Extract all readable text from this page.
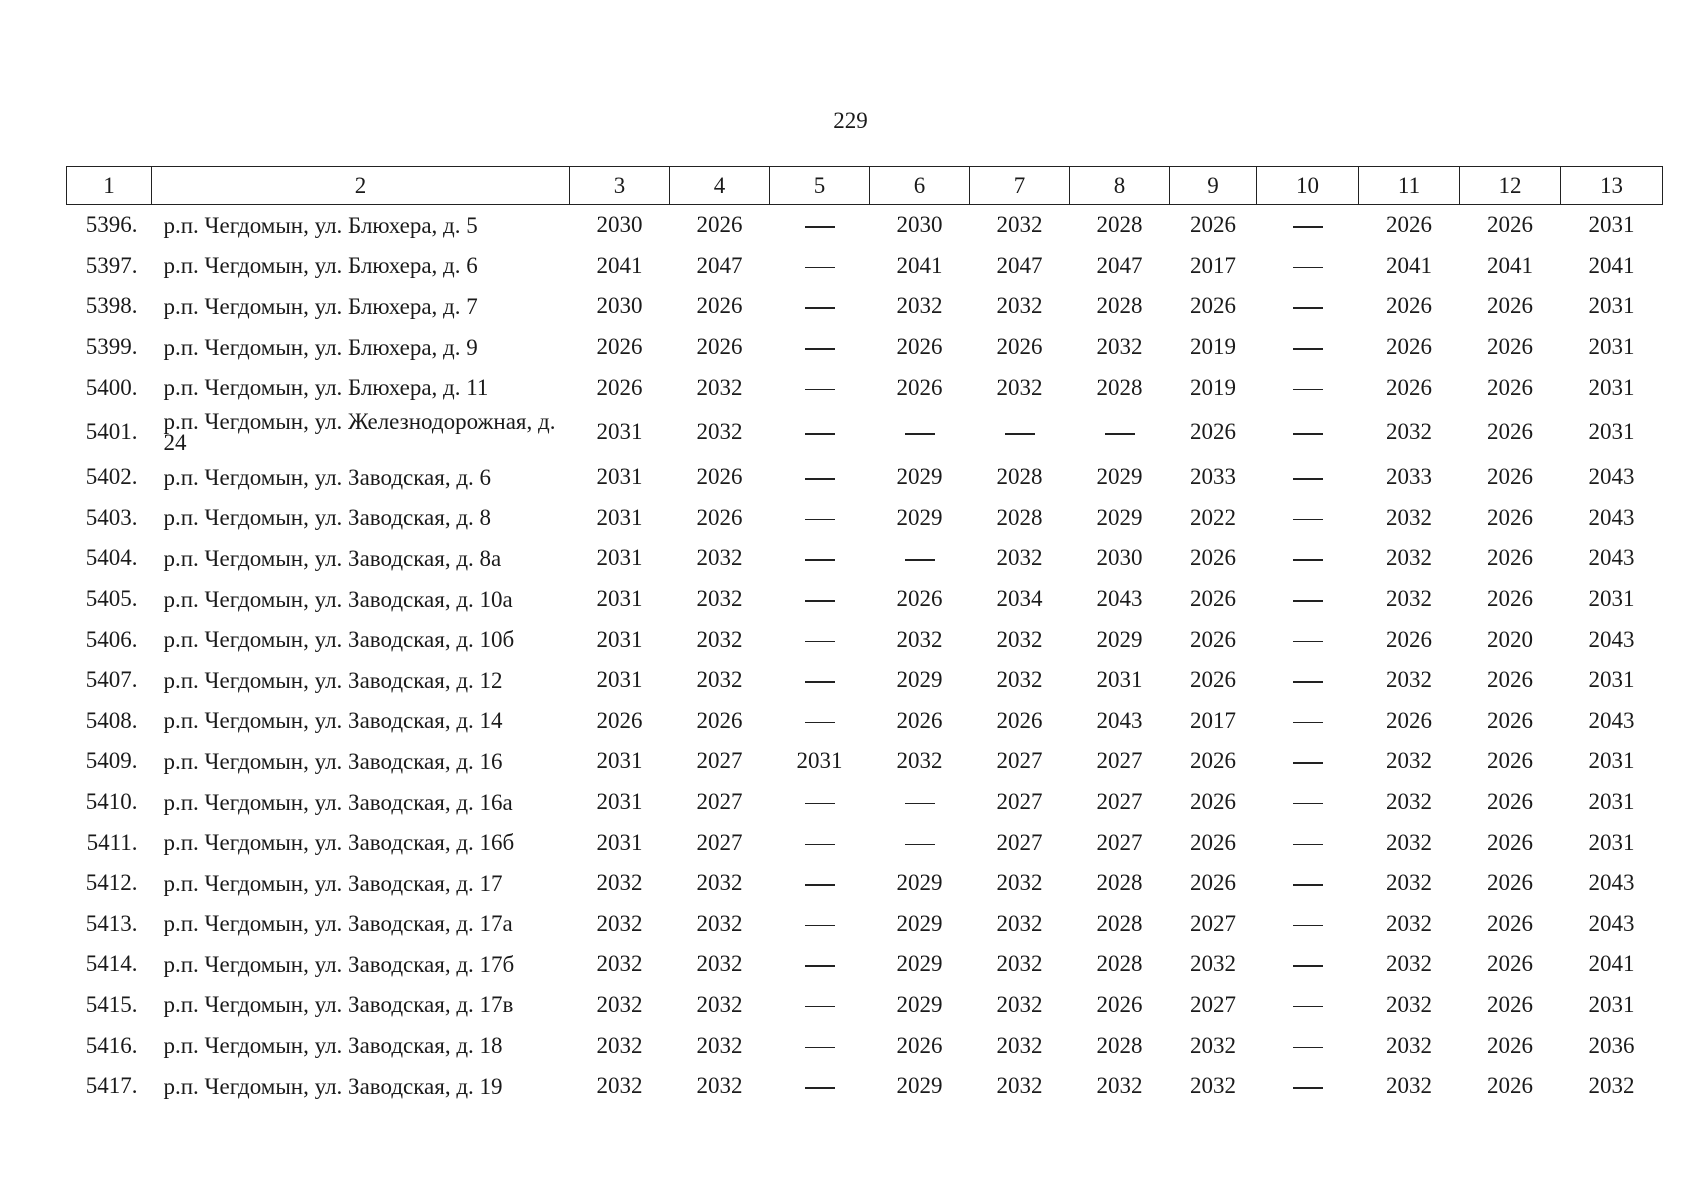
229
1	2	3	4	5	6	7	8	9	10	11	12	13
5396.	р.п. Чегдомын, ул. Блюхера, д. 5	2030	2026		2030	2032	2028	2026		2026	2026	2031
5397.	р.п. Чегдомын, ул. Блюхера, д. 6	2041	2047		2041	2047	2047	2017		2041	2041	2041
5398.	р.п. Чегдомын, ул. Блюхера, д. 7	2030	2026		2032	2032	2028	2026		2026	2026	2031
5399.	р.п. Чегдомын, ул. Блюхера, д. 9	2026	2026		2026	2026	2032	2019		2026	2026	2031
5400.	р.п. Чегдомын, ул. Блюхера, д. 11	2026	2032		2026	2032	2028	2019		2026	2026	2031
5401.	р.п. Чегдомын, ул. Железнодорожная, д. 24	2031	2032					2026		2032	2026	2031
5402.	р.п. Чегдомын, ул. Заводская, д. 6	2031	2026		2029	2028	2029	2033		2033	2026	2043
5403.	р.п. Чегдомын, ул. Заводская, д. 8	2031	2026		2029	2028	2029	2022		2032	2026	2043
5404.	р.п. Чегдомын, ул. Заводская, д. 8а	2031	2032			2032	2030	2026		2032	2026	2043
5405.	р.п. Чегдомын, ул. Заводская, д. 10а	2031	2032		2026	2034	2043	2026		2032	2026	2031
5406.	р.п. Чегдомын, ул. Заводская, д. 10б	2031	2032		2032	2032	2029	2026		2026	2020	2043
5407.	р.п. Чегдомын, ул. Заводская, д. 12	2031	2032		2029	2032	2031	2026		2032	2026	2031
5408.	р.п. Чегдомын, ул. Заводская, д. 14	2026	2026		2026	2026	2043	2017		2026	2026	2043
5409.	р.п. Чегдомын, ул. Заводская, д. 16	2031	2027	2031	2032	2027	2027	2026		2032	2026	2031
5410.	р.п. Чегдомын, ул. Заводская, д. 16а	2031	2027			2027	2027	2026		2032	2026	2031
5411.	р.п. Чегдомын, ул. Заводская, д. 16б	2031	2027			2027	2027	2026		2032	2026	2031
5412.	р.п. Чегдомын, ул. Заводская, д. 17	2032	2032		2029	2032	2028	2026		2032	2026	2043
5413.	р.п. Чегдомын, ул. Заводская, д. 17а	2032	2032		2029	2032	2028	2027		2032	2026	2043
5414.	р.п. Чегдомын, ул. Заводская, д. 17б	2032	2032		2029	2032	2028	2032		2032	2026	2041
5415.	р.п. Чегдомын, ул. Заводская, д. 17в	2032	2032		2029	2032	2026	2027		2032	2026	2031
5416.	р.п. Чегдомын, ул. Заводская, д. 18	2032	2032		2026	2032	2028	2032		2032	2026	2036
5417.	р.п. Чегдомын, ул. Заводская, д. 19	2032	2032		2029	2032	2032	2032		2032	2026	2032
